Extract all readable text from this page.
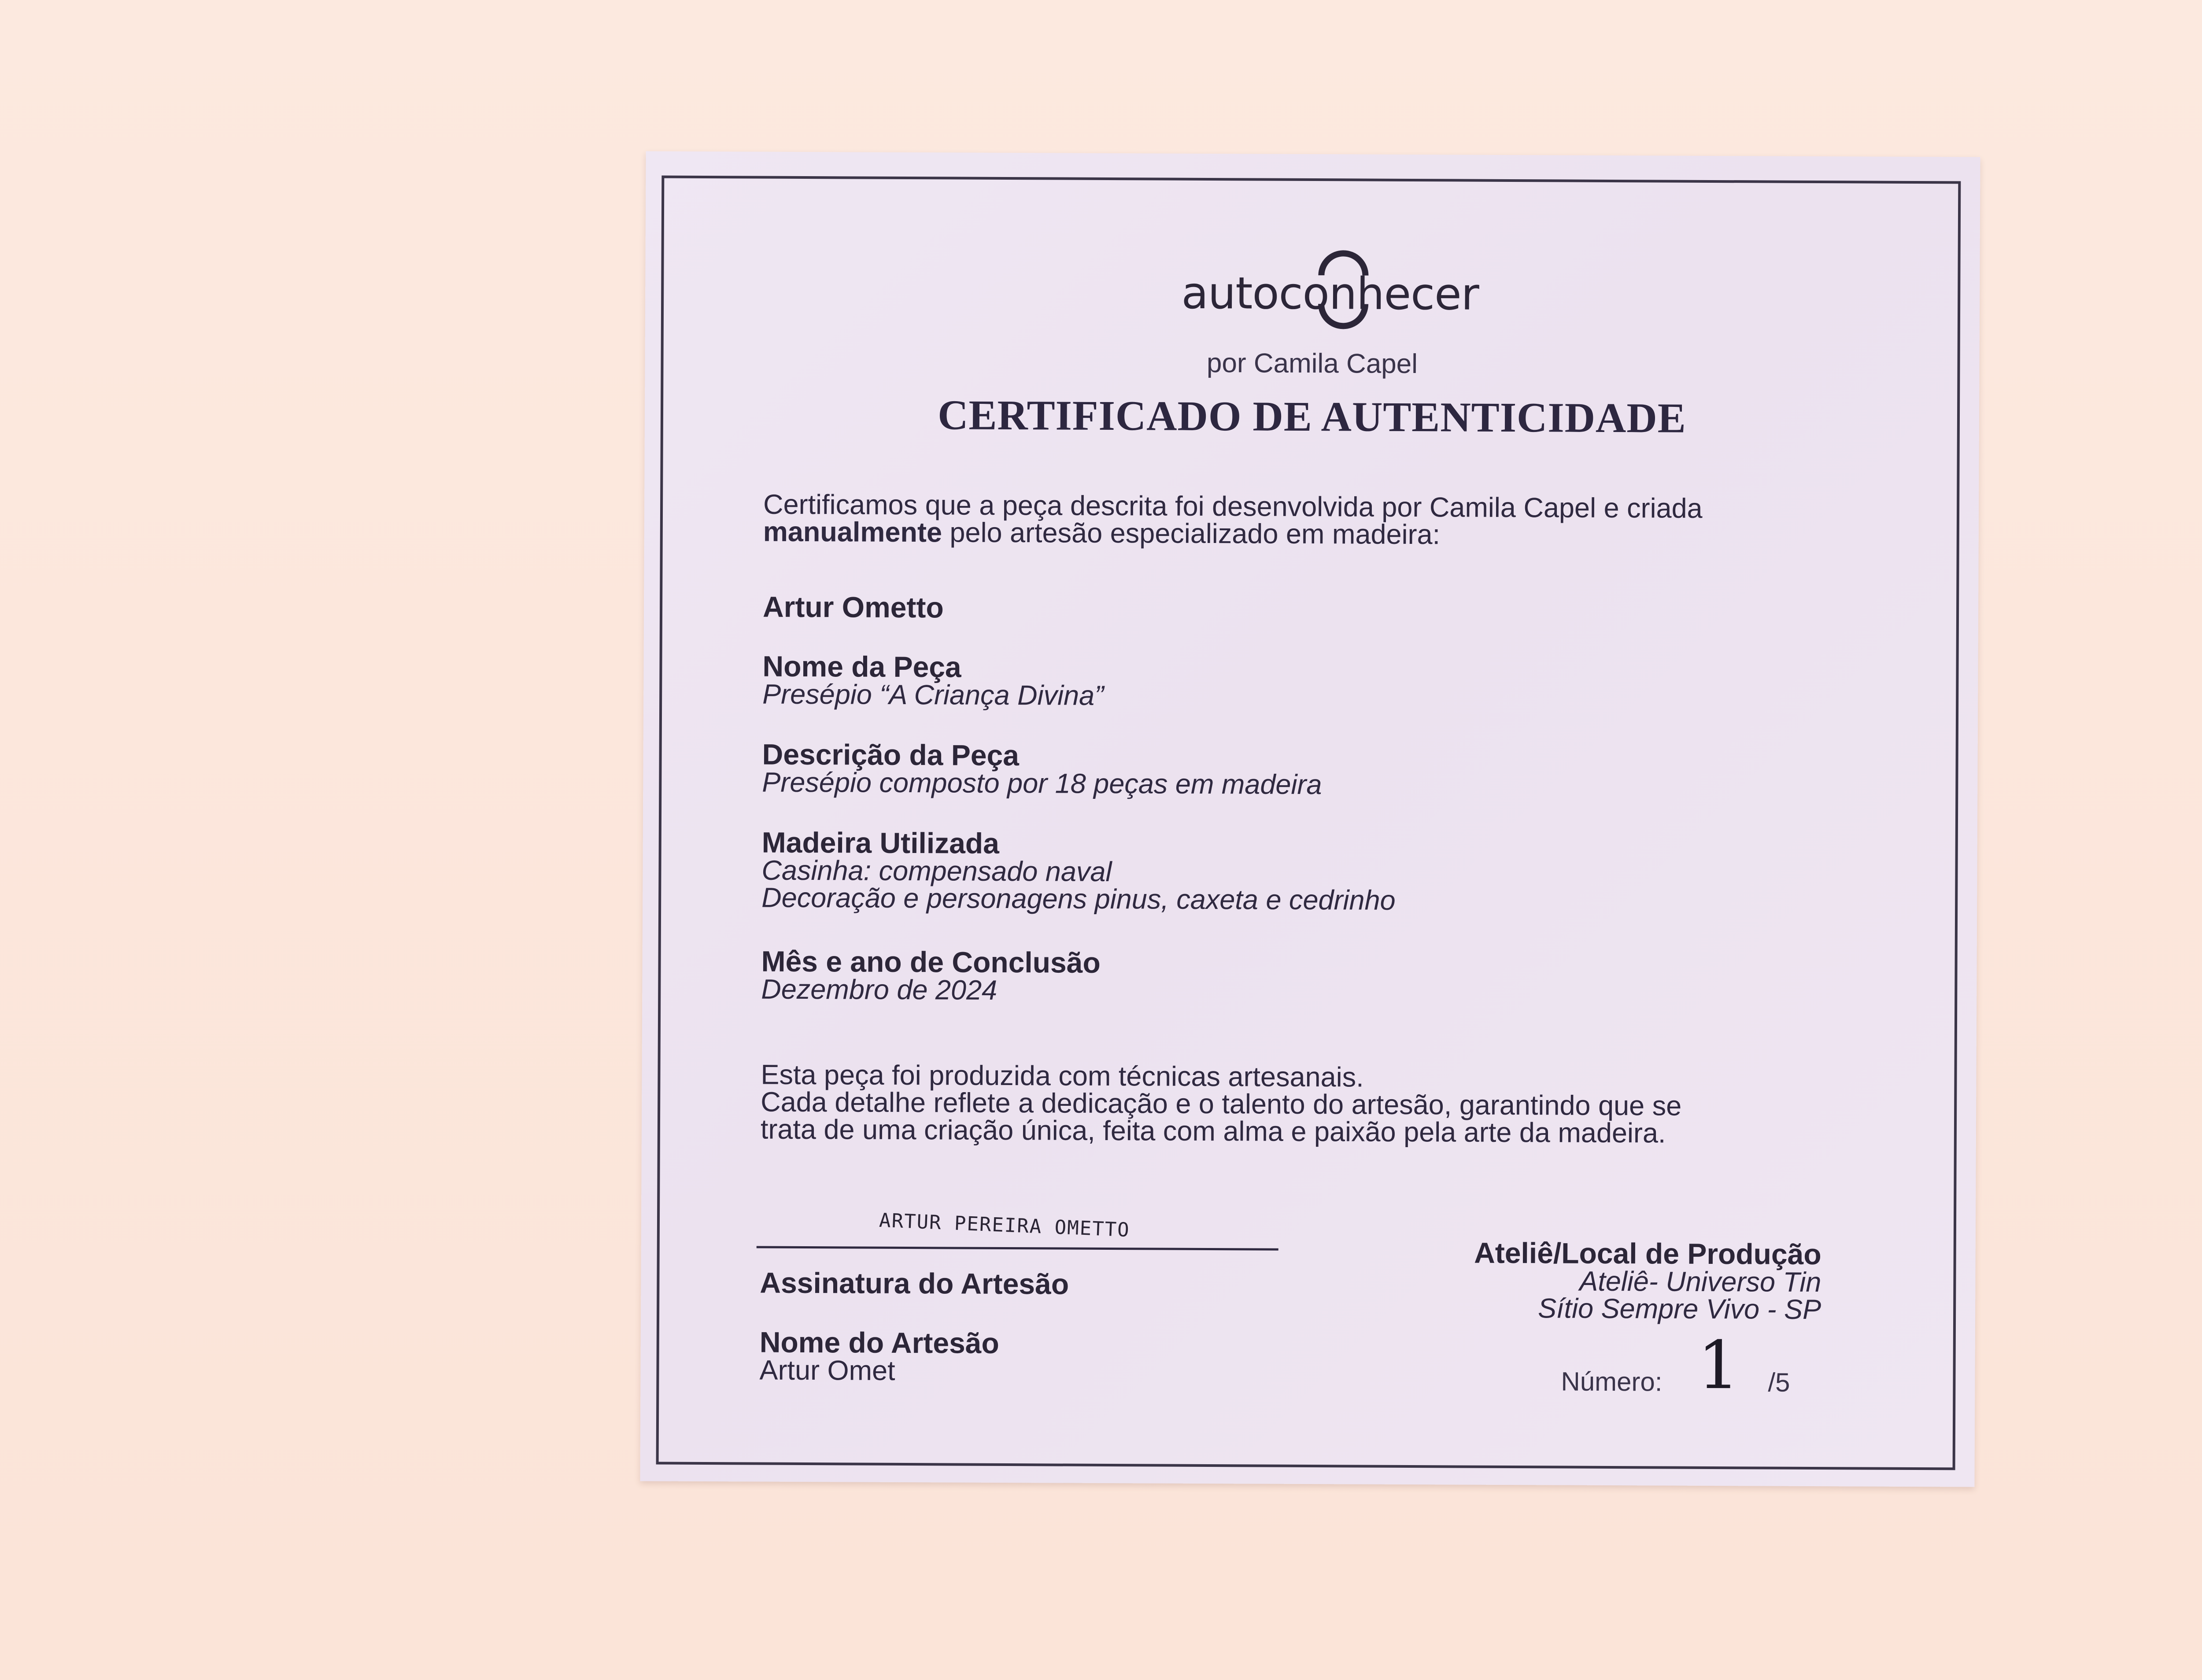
autoconhecer
por Camila Capel
CERTIFICADO DE AUTENTICIDADE

Certificamos que a peça descrita foi desenvolvida por Camila Capel e criada

manualmente pelo artesão especializado em madeira:

Artur Ometto

Nome da Peça

Presépio “A Criança Divina”

Descrição da Peça

Presépio composto por 18 peças em madeira

Madeira Utilizada

Casinha: compensado naval

Decoração e personagens pinus, caxeta e cedrinho

Mês e ano de Conclusão

Dezembro de 2024

Esta peça foi produzida com técnicas artesanais.

Cada detalhe reflete a dedicação e o talento do artesão, garantindo que se

trata de uma criação única, feita com alma e paixão pela arte da madeira.

ARTUR PEREIRA OMETTO

Assinatura do Artesão

Nome do Artesão

Artur Omet

Ateliê/Local de Produção

Ateliê- Universo Tin

Sítio Sempre Vivo - SP

Número: 1 /5
